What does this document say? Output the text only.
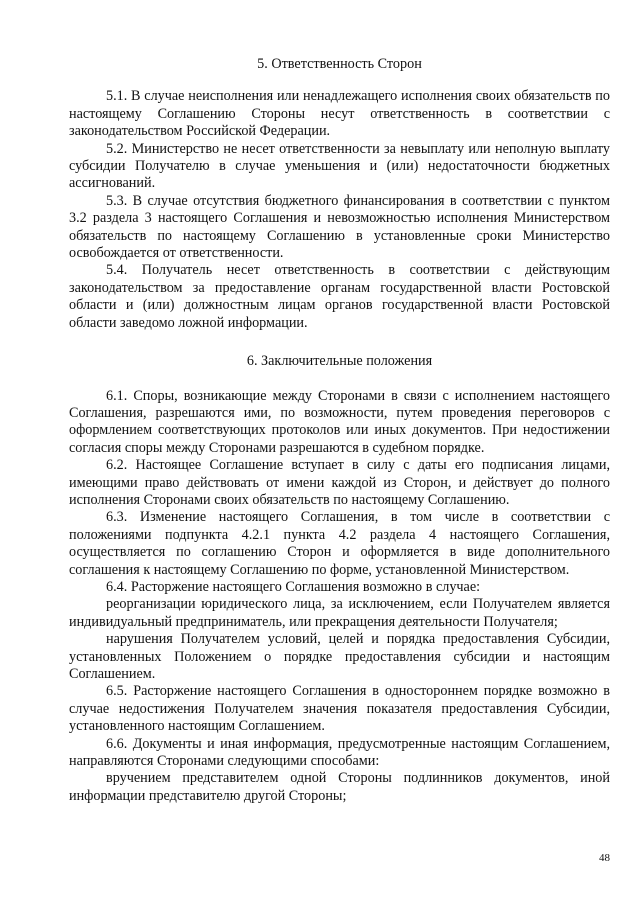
5. Ответственность Сторон

5.1. В случае неисполнения или ненадлежащего исполнения своих обязательств по настоящему Соглашению Стороны несут ответственность в соответствии с законодательством Российской Федерации.

5.2. Министерство не несет ответственности за невыплату или неполную выплату субсидии Получателю в случае уменьшения и (или) недостаточности бюджетных ассигнований.

5.3. В случае отсутствия бюджетного финансирования в соответствии с пунктом 3.2 раздела 3 настоящего Соглашения и невозможностью исполнения Министерством обязательств по настоящему Соглашению в установленные сроки Министерство освобождается от ответственности.

5.4. Получатель несет ответственность в соответствии с действующим законодательством за предоставление органам государственной власти Ростовской области и (или) должностным лицам органов государственной власти Ростовской области заведомо ложной информации.

6. Заключительные положения

6.1. Споры, возникающие между Сторонами в связи с исполнением настоящего Соглашения, разрешаются ими, по возможности, путем проведения переговоров с оформлением соответствующих протоколов или иных документов. При недостижении согласия споры между Сторонами разрешаются в судебном порядке.

6.2. Настоящее Соглашение вступает в силу с даты его подписания лицами, имеющими право действовать от имени каждой из Сторон, и действует до полного исполнения Сторонами своих обязательств по настоящему Соглашению.

6.3. Изменение настоящего Соглашения, в том числе в соответствии с положениями подпункта 4.2.1 пункта 4.2 раздела 4 настоящего Соглашения, осуществляется по соглашению Сторон и оформляется в виде дополнительного соглашения к настоящему Соглашению по форме, установленной Министерством.

6.4. Расторжение настоящего Соглашения возможно в случае:

реорганизации юридического лица, за исключением, если Получателем является индивидуальный предприниматель, или прекращения деятельности Получателя;

нарушения Получателем условий, целей и порядка предоставления Субсидии, установленных Положением о порядке предоставления субсидии и настоящим Соглашением.

6.5. Расторжение настоящего Соглашения в одностороннем порядке возможно в случае недостижения Получателем значения показателя предоставления Субсидии, установленного настоящим Соглашением.

6.6. Документы и иная информация, предусмотренные настоящим Соглашением, направляются Сторонами следующими способами:

вручением представителем одной Стороны подлинников документов, иной информации представителю другой Стороны;

48
